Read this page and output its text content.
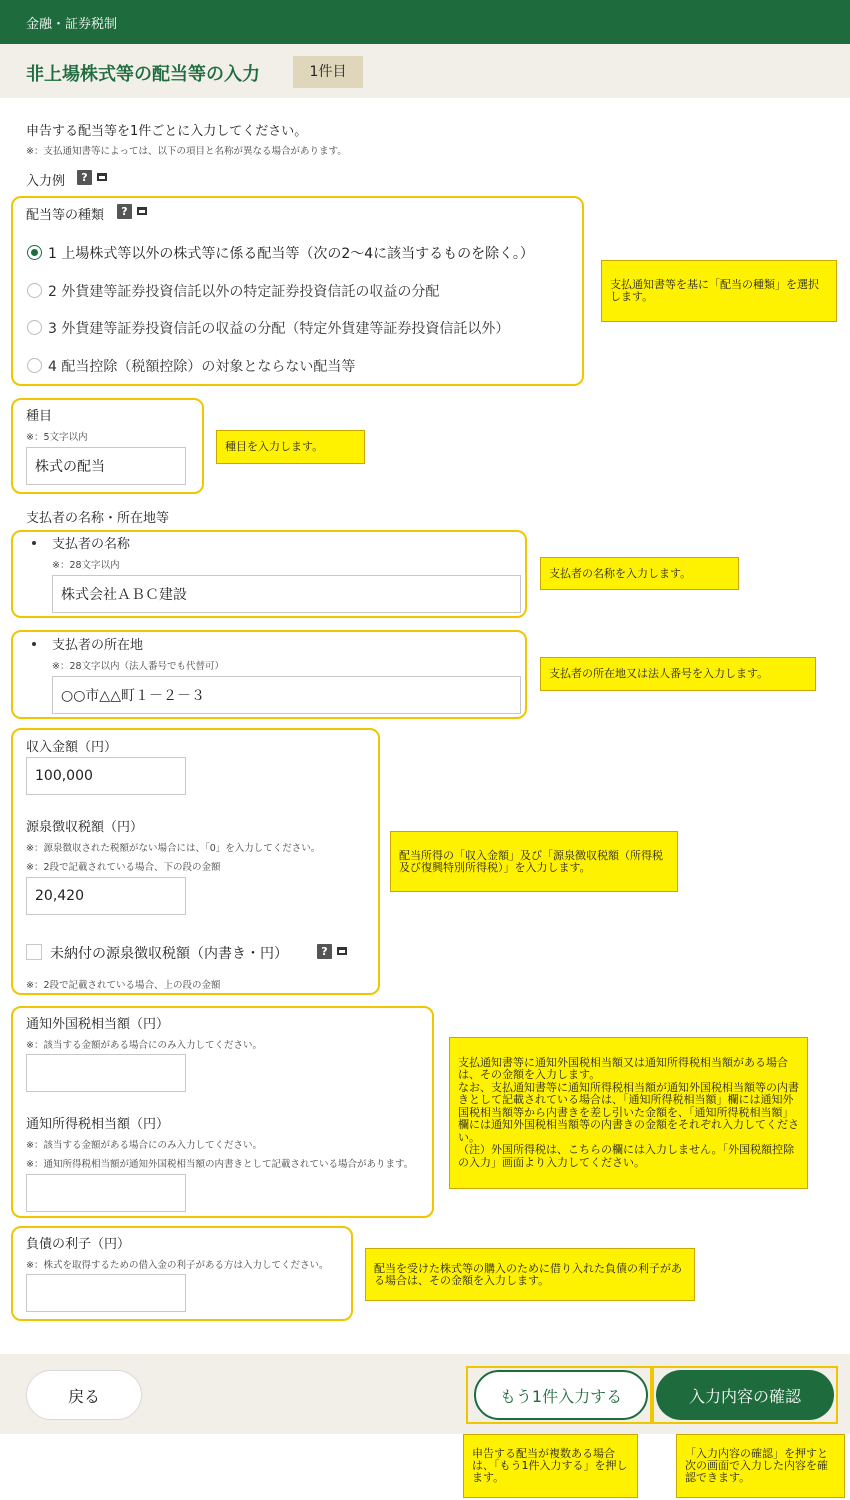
金融・証券税制
非上場株式等の配当等の入力	1件目
申告する配当等を1件ごとに入力してください。
※：支払通知書等によっては、以下の項目と名称が異なる場合があります。
入力例	?
配当等の種類	?
1 上場株式等以外の株式等に係る配当等（次の2～4に該当するものを除く。）
2 外貨建等証券投資信託以外の特定証券投資信託の収益の分配
3 外貨建等証券投資信託の収益の分配（特定外貨建等証券投資信託以外）
4 配当控除（税額控除）の対象とならない配当等
支払通知書等を基に「配当の種類」を選択します。
種目
※：5文字以内
株式の配当
種目を入力します。
支払者の名称・所在地等
支払者の名称
※：28文字以内
株式会社ＡＢＣ建設
支払者の名称を入力します。
支払者の所在地
※：28文字以内（法人番号でも代替可）
○○市△△町１－２－３
支払者の所在地又は法人番号を入力します。
収入金額（円）
100,000
源泉徴収税額（円）
※：源泉徴収された税額がない場合には、「0」を入力してください。
※：2段で記載されている場合、下の段の金額
20,420
未納付の源泉徴収税額（内書き・円）	?
※：2段で記載されている場合、上の段の金額
配当所得の「収入金額」及び「源泉徴収税額（所得税及び復興特別所得税）」を入力します。
通知外国税相当額（円）
※：該当する金額がある場合にのみ入力してください。
通知所得税相当額（円）
※：該当する金額がある場合にのみ入力してください。
※：通知所得税相当額が通知外国税相当額の内書きとして記載されている場合があります。
支払通知書等に通知外国税相当額又は通知所得税相当額がある場合は、その金額を入力します。
なお、支払通知書等に通知所得税相当額が通知外国税相当額等の内書きとして記載されている場合は、「通知所得税相当額」欄には通知外国税相当額等から内書きを差し引いた金額を、「通知所得税相当額」欄には通知外国税相当額等の内書きの金額をそれぞれ入力してください。
（注）外国所得税は、こちらの欄には入力しません。「外国税額控除の入力」画面より入力してください。
負債の利子（円）
※：株式を取得するための借入金の利子がある方は入力してください。	配当を受けた株式等の購入のために借り入れた負債の利子がある場合は、その金額を入力します。
戻る	もう1件入力する	入力内容の確認
申告する配当が複数ある場合は、「もう1件入力する」を押します。
「入力内容の確認」を押すと次の画面で入力した内容を確認できます。
